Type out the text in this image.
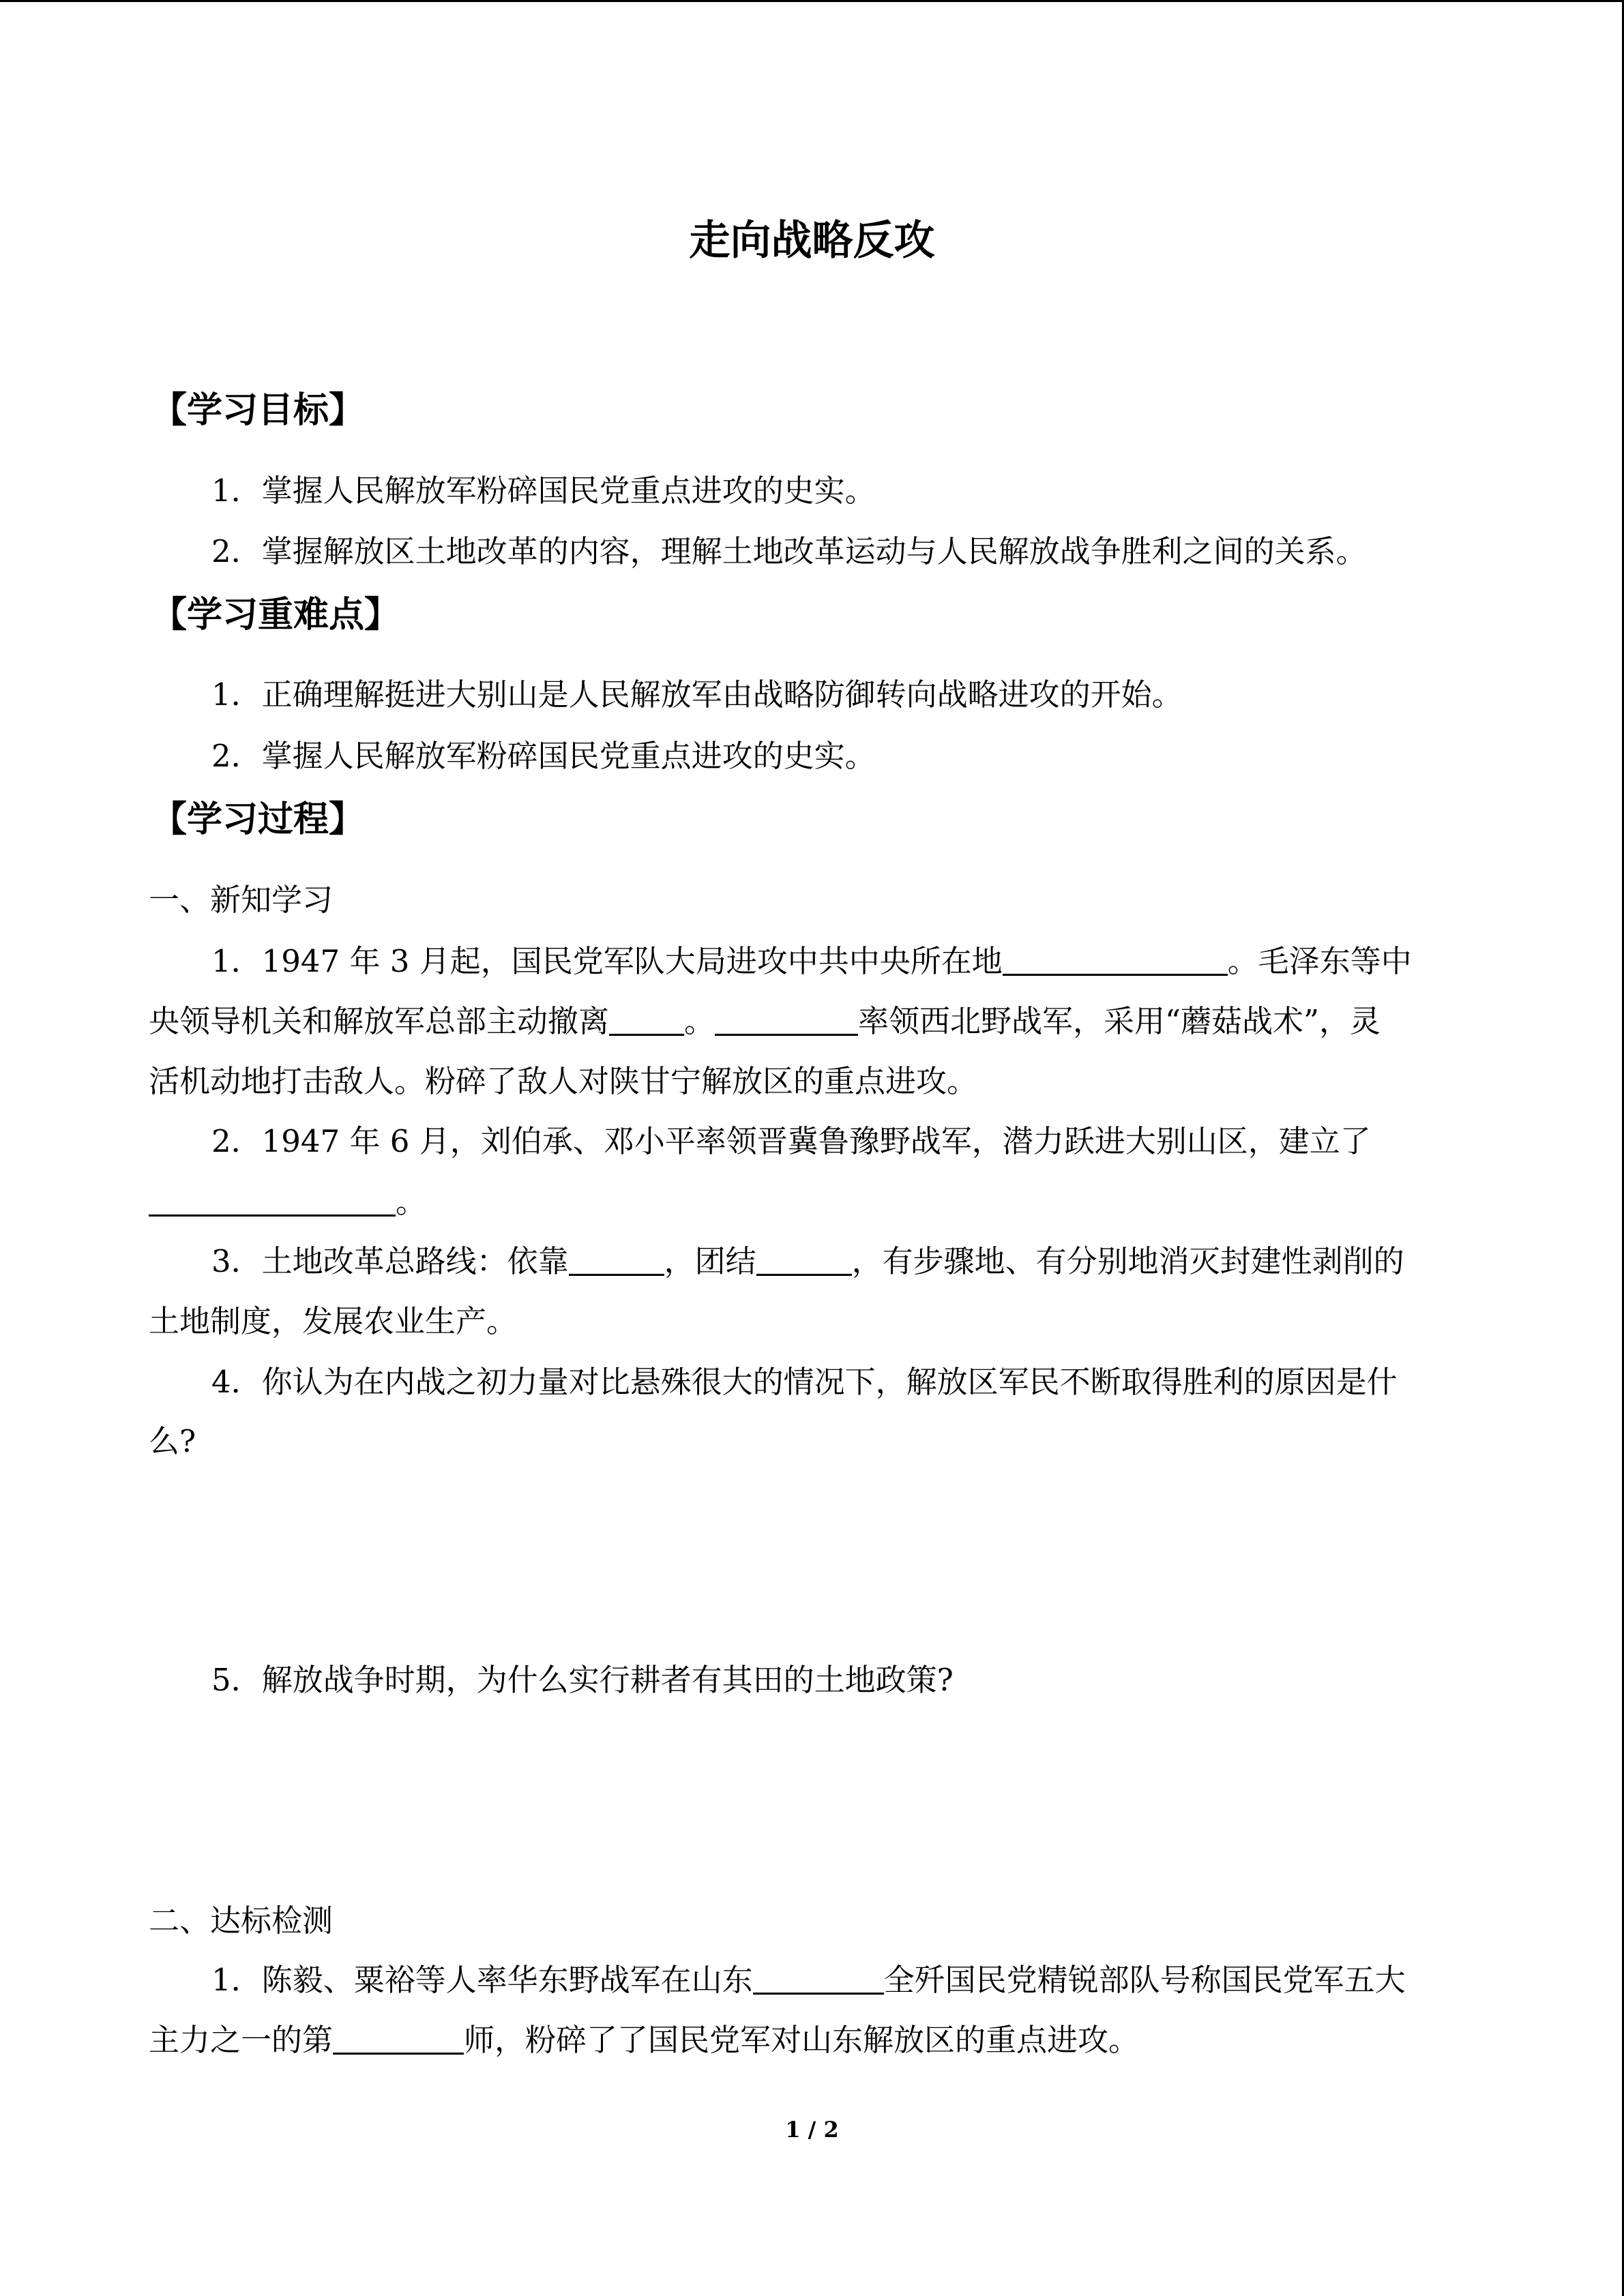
走向战略反攻
【学习目标】
1．掌握人民解放军粉碎国民党重点进攻的史实。
2．掌握解放区土地改革的内容，理解土地改革运动与人民解放战争胜利之间的关系。
【学习重难点】
1．正确理解挺进大别山是人民解放军由战略防御转向战略进攻的开始。
2．掌握人民解放军粉碎国民党重点进攻的史实。
【学习过程】
一、新知学习
1．1947 年 3 月起，国民党军队大局进攻中共中央所在地	。毛泽东等中
央领导机关和解放军总部主动撤离 。	率领西北野战军，采用“蘑菇战术”，灵
活机动地打击敌人。粉碎了敌人对陕甘宁解放区的重点进攻。
2．1947 年 6 月，刘伯承、邓小平率领晋冀鲁豫野战军，潜力跃进大别山区，建立了
。
3．土地改革总路线：依靠	，团结	，有步骤地、有分别地消灭封建性剥削的
土地制度，发展农业生产。
4．你认为在内战之初力量对比悬殊很大的情况下，解放区军民不断取得胜利的原因是什
么?
5．解放战争时期，为什么实行耕者有其田的土地政策?
二、达标检测
1．陈毅、粟裕等人率华东野战军在山东	全歼国民党精锐部队号称国民党军五大
主力之一的第	师，粉碎了了国民党军对山东解放区的重点进攻。
1 / 2
